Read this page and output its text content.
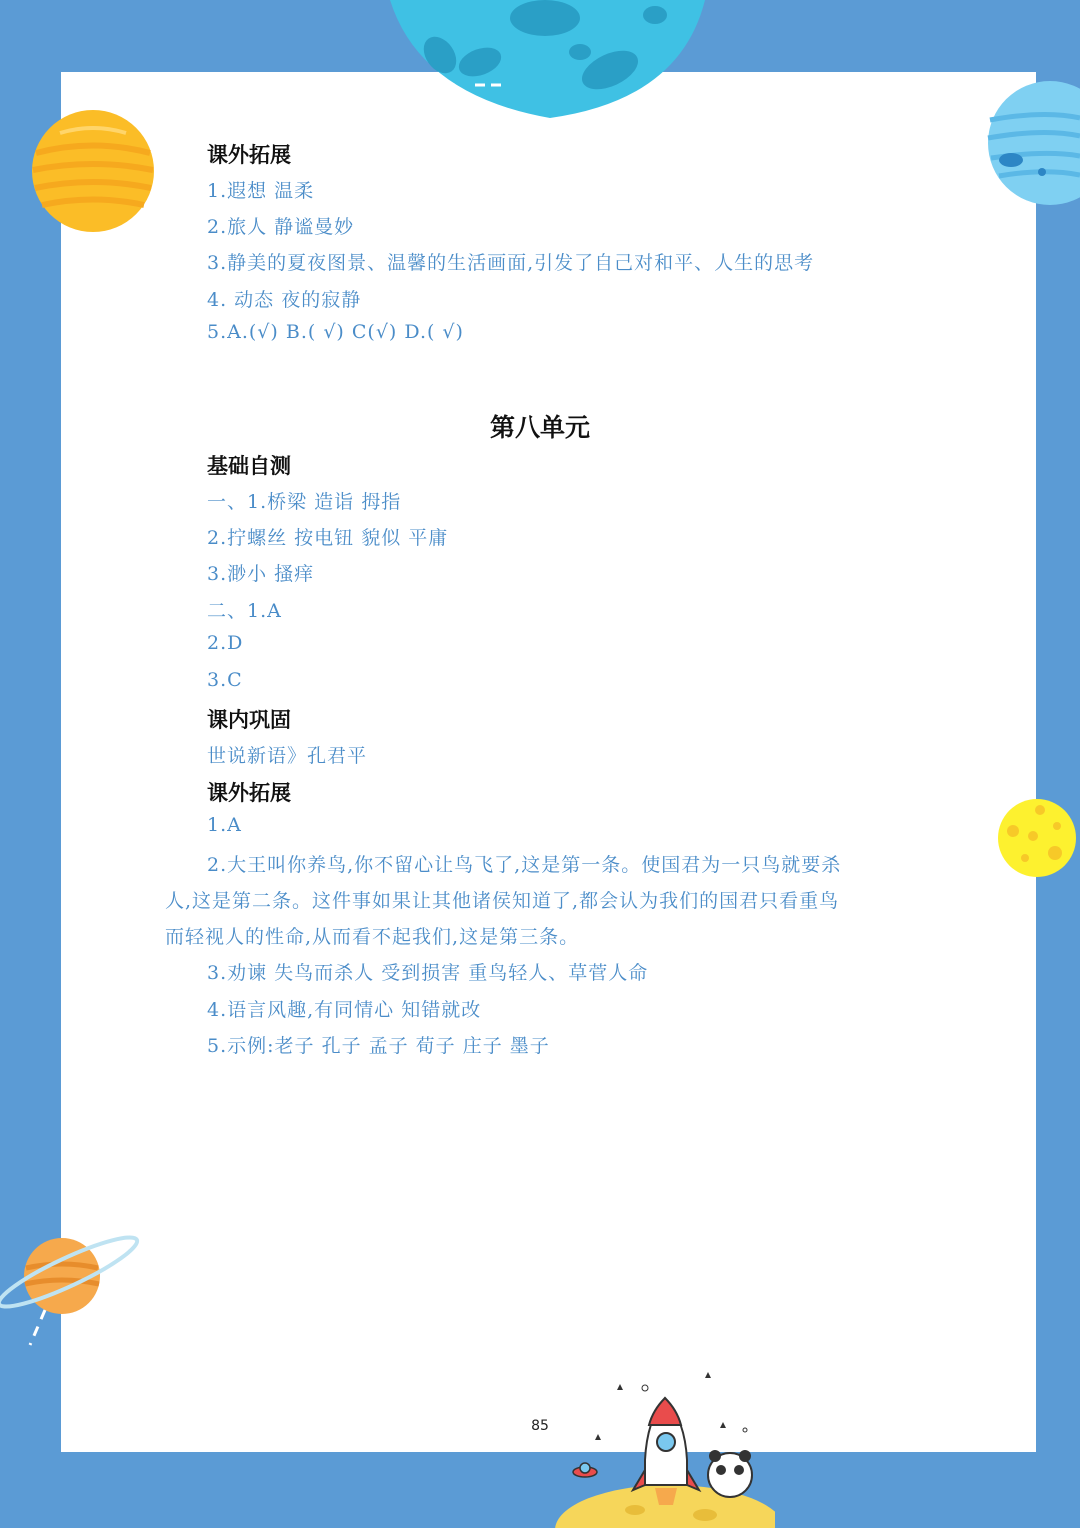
课外拓展
1.遐想 温柔
2.旅人 静谧曼妙
3.静美的夏夜图景、温馨的生活画面,引发了自己对和平、人生的思考
4. 动态 夜的寂静
5.A.(√) B.( √) C(√) D.( √)
第八单元
基础自测
一、1.桥梁 造诣 拇指
2.拧螺丝 按电钮 貌似 平庸
3.渺小 搔痒
二、1.A
2.D
3.C
课内巩固
世说新语》孔君平
课外拓展
1.A
2.大王叫你养鸟,你不留心让鸟飞了,这是第一条。使国君为一只鸟就要杀
人,这是第二条。这件事如果让其他诸侯知道了,都会认为我们的国君只看重鸟
而轻视人的性命,从而看不起我们,这是第三条。
3.劝谏 失鸟而杀人 受到损害 重鸟轻人、草菅人命
4.语言风趣,有同情心 知错就改
5.示例:老子 孔子 孟子 荀子 庄子 墨子
85
